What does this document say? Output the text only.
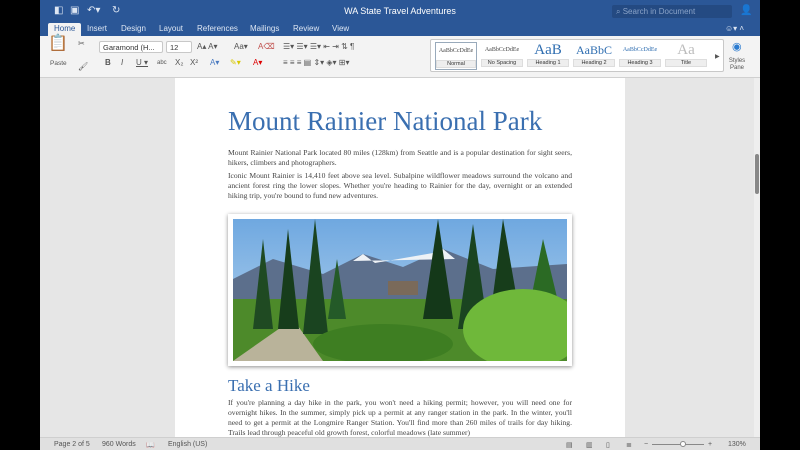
◧ ▣ ↶▾ ↻	WA State Travel Adventures	⌕ Search in Document	👤
Home	Insert Design Layout References Mailings Review View	☺▾ ˄
📋
Paste
✂
🖌
Garamond (H...	12	A▴ A▾ Aa▾ A⌫
B I U ▾ abc X₂ X² A▾ ✎▾ A▾
☰▾ ☰▾ ☰▾ ⇤ ⇥ ⇅ ¶
≡ ≡ ≡ ▤ ⇕▾ ◈▾ ⊞▾
AaBbCcDdEe
Normal
AaBbCcDdEe
No Spacing
AaB
Heading 1
AaBbC
Heading 2
AaBbCcDdEe
Heading 3
Aa
Title
▶
◉
Styles Pane
Mount Rainier National Park
Mount Rainier National Park located 80 miles (128km) from Seattle and is a popular destination for sight seers, hikers, climbers and photographers.
Iconic Mount Rainier is 14,410 feet above sea level. Subalpine wildflower meadows surround the volcano and ancient forest ring the lower slopes. Whether you're heading to Rainier for the day, overnight or an extended hiking trip, you're bound to fund new adventures.
Take a Hike
If you're planning a day hike in the park, you won't need a hiking permit; however, you will need one for overnight hikes. In the summer, simply pick up a permit at any ranger station in the park. In the winter, you'll need to get a permit at the Longmire Ranger Station. You'll find more than 260 miles of trails for day hiking. Trails lead through peaceful old growth forest, colorful meadows (late summer)
Page 2 of 5 960 Words 📖 English (US)	▤ ▥ ▯ ≣ −	+ 130%
